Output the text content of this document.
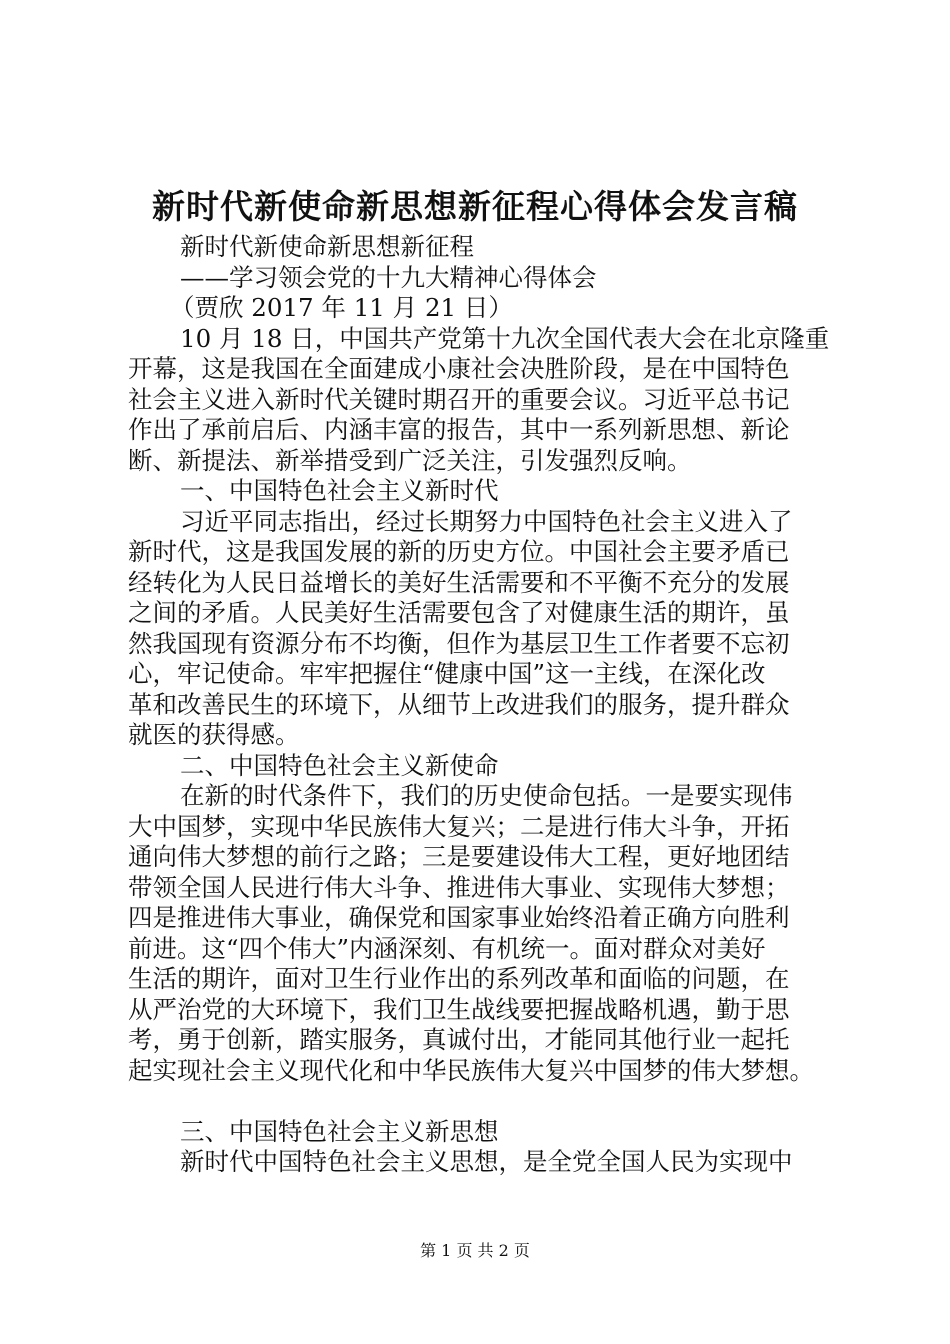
新时代新使命新思想新征程心得体会发言稿

新时代新使命新思想新征程

——学习领会党的十九大精神心得体会

（贾欣 2017 年 11 月 21 日）

10 月 18 日，中国共产党第十九次全国代表大会在北京隆重

开幕，这是我国在全面建成小康社会决胜阶段，是在中国特色

社会主义进入新时代关键时期召开的重要会议。习近平总书记

作出了承前启后、内涵丰富的报告，其中一系列新思想、新论

断、新提法、新举措受到广泛关注，引发强烈反响。

一、中国特色社会主义新时代

习近平同志指出，经过长期努力中国特色社会主义进入了

新时代，这是我国发展的新的历史方位。中国社会主要矛盾已

经转化为人民日益增长的美好生活需要和不平衡不充分的发展

之间的矛盾。人民美好生活需要包含了对健康生活的期许，虽

然我国现有资源分布不均衡，但作为基层卫生工作者要不忘初

心，牢记使命。牢牢把握住“健康中国”这一主线，在深化改

革和改善民生的环境下，从细节上改进我们的服务，提升群众

就医的获得感。

二、中国特色社会主义新使命

在新的时代条件下，我们的历史使命包括。一是要实现伟

大中国梦，实现中华民族伟大复兴；二是进行伟大斗争，开拓

通向伟大梦想的前行之路；三是要建设伟大工程，更好地团结

带领全国人民进行伟大斗争、推进伟大事业、实现伟大梦想；

四是推进伟大事业，确保党和国家事业始终沿着正确方向胜利

前进。这“四个伟大”内涵深刻、有机统一。面对群众对美好

生活的期许，面对卫生行业作出的系列改革和面临的问题，在

从严治党的大环境下，我们卫生战线要把握战略机遇，勤于思

考，勇于创新，踏实服务，真诚付出，才能同其他行业一起托

起实现社会主义现代化和中华民族伟大复兴中国梦的伟大梦想。

三、中国特色社会主义新思想

新时代中国特色社会主义思想，是全党全国人民为实现中

第 1 页 共 2 页
